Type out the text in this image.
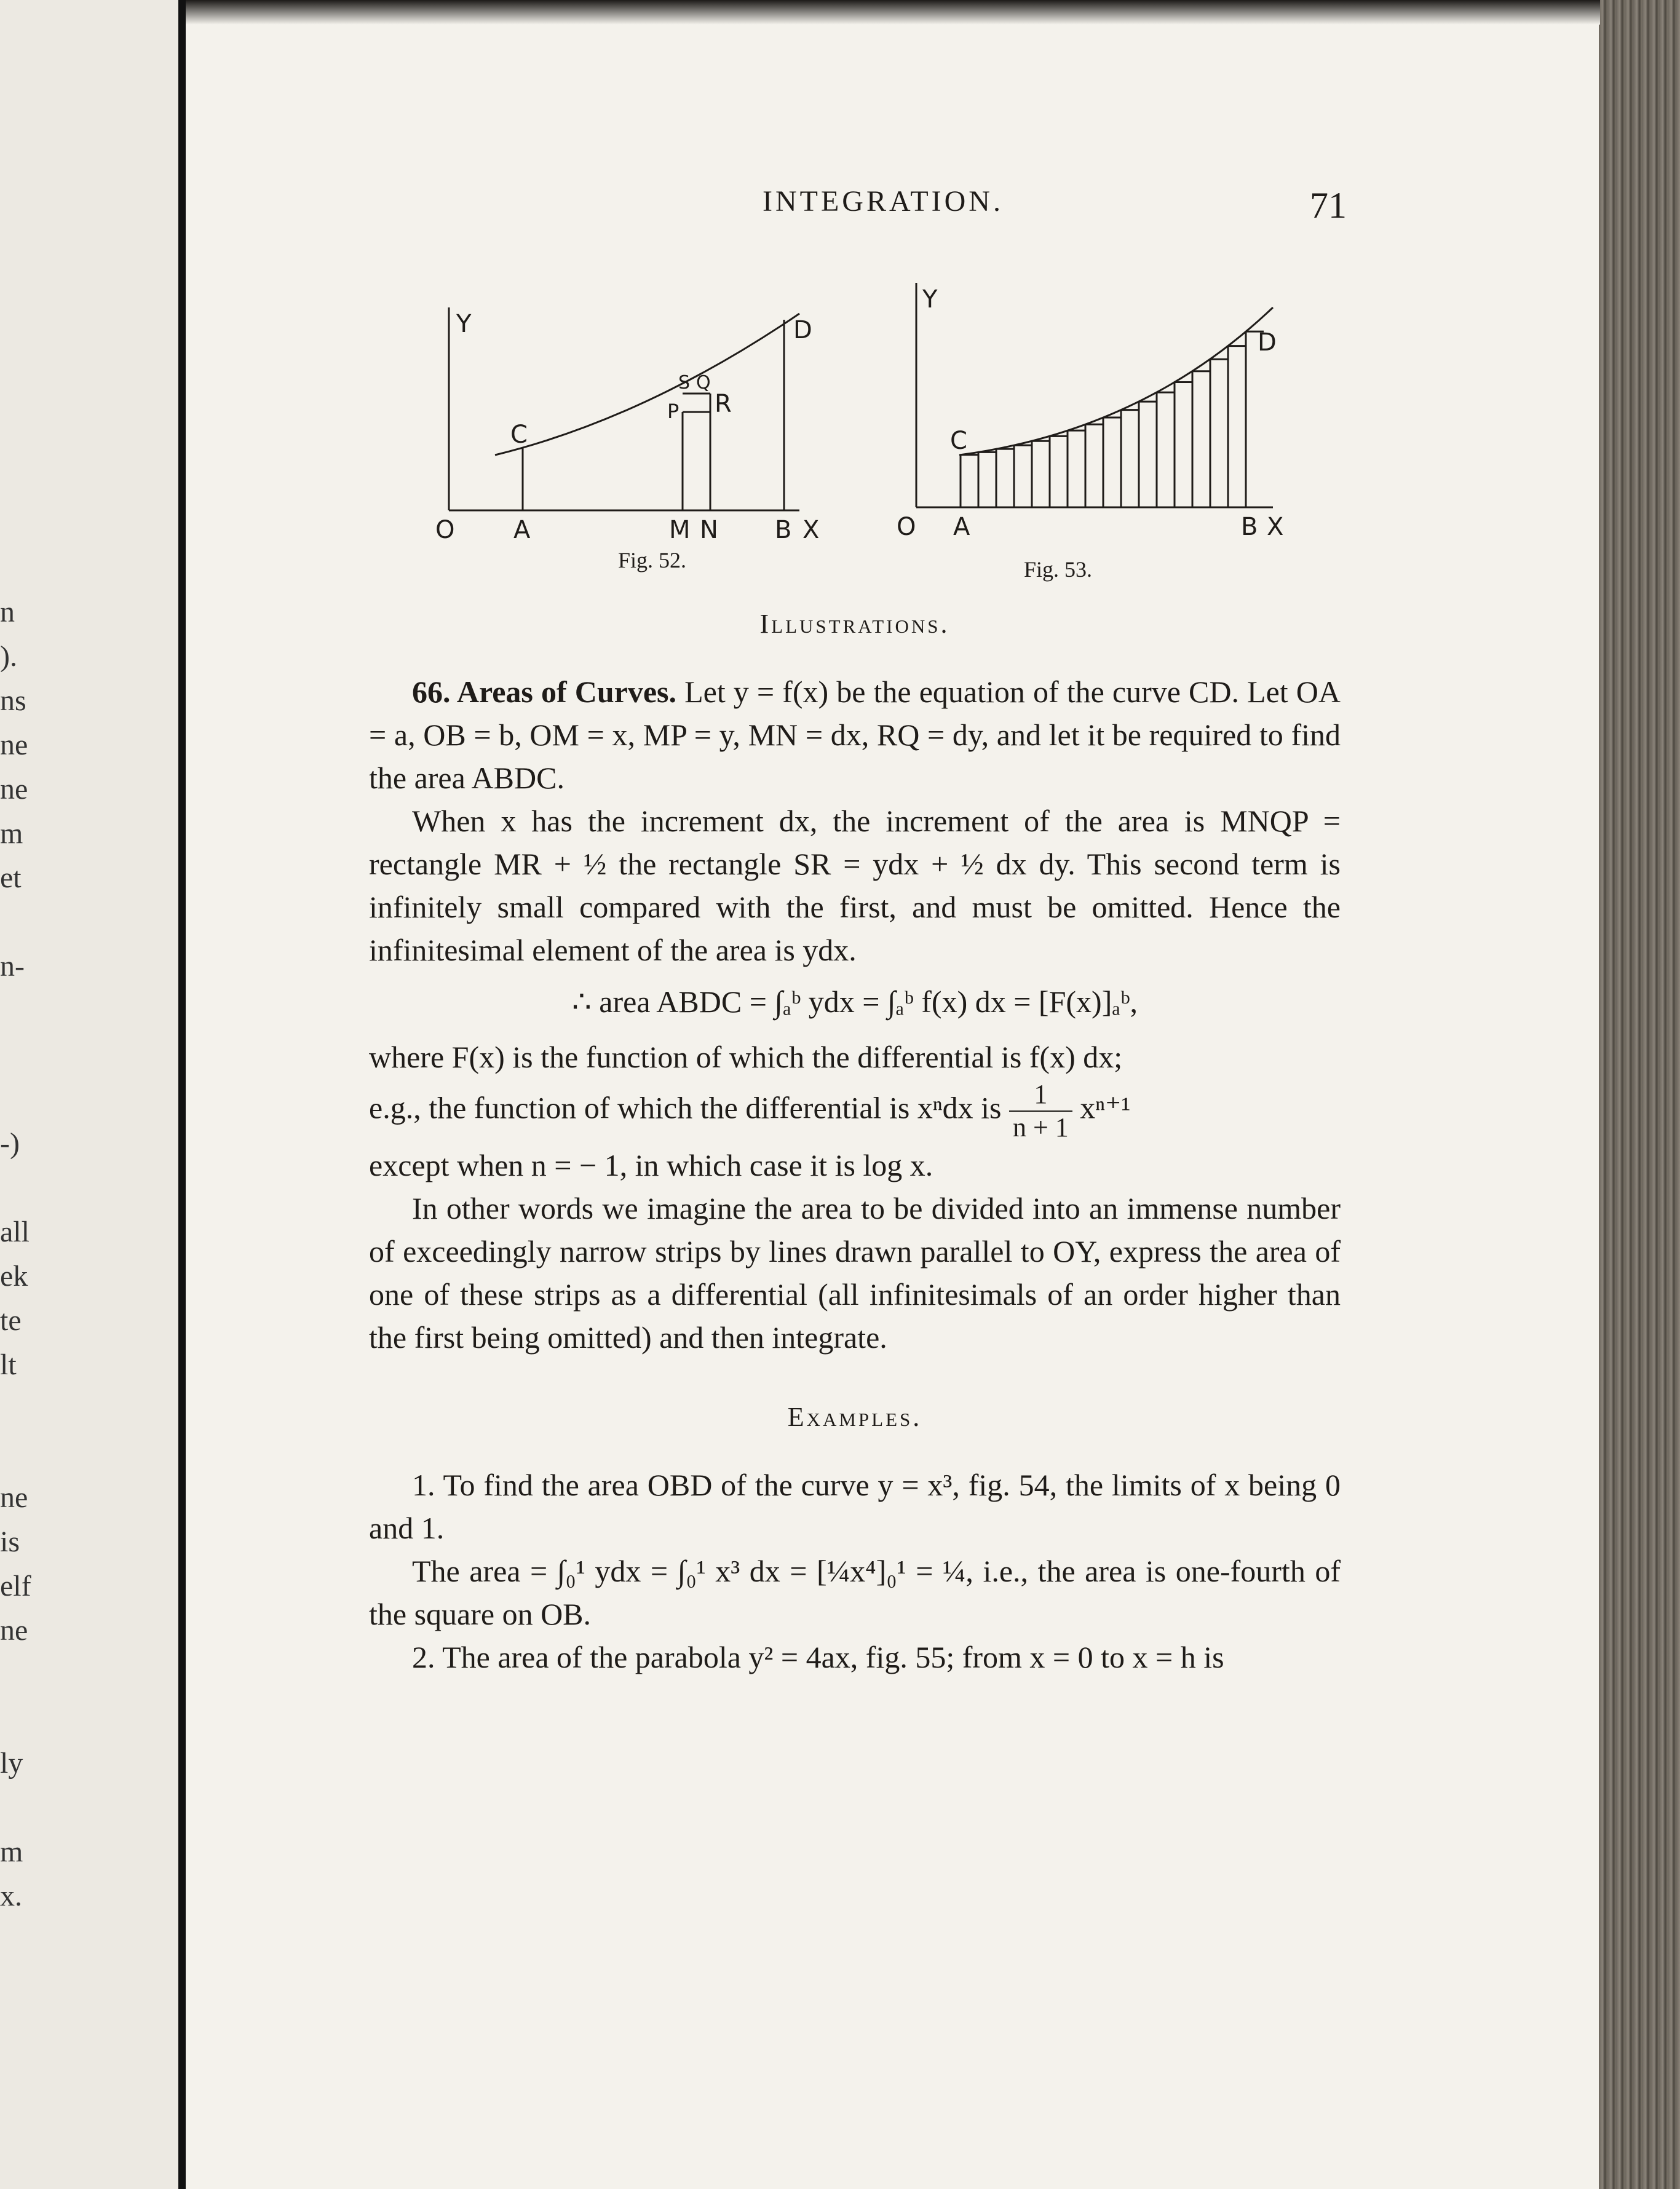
n
).
ns
ne
ne
m
et
n-
-)
all
ek
te
lt
ne
is
elf
ne
ly
m
x.
INTEGRATION.	71
Y
C
S Q
P R
D
O A	M N B X
Fig. 52.
Y
C
D
O A	B X
Fig. 53.
Illustrations.

66. Areas of Curves. Let y = f(x) be the equation of the curve CD. Let OA = a, OB = b, OM = x, MP = y, MN = dx, RQ = dy, and let it be required to find the area ABDC.

When x has the increment dx, the increment of the area is MNQP = rectangle MR + ½ the rectangle SR = ydx + ½ dx dy. This second term is infinitely small compared with the first, and must be omitted. Hence the infinitesimal element of the area is ydx.

∴ area ABDC = ∫ₐᵇ ydx = ∫ₐᵇ f(x) dx = [F(x)]ₐᵇ,

where F(x) is the function of which the differential is f(x) dx;

e.g., the function of which the differential is xⁿdx is $\frac{1}{n + 1} x^{n+1}$

except when n = − 1, in which case it is log x.

In other words we imagine the area to be divided into an immense number of exceedingly narrow strips by lines drawn parallel to OY, express the area of one of these strips as a differential (all infinitesimals of an order higher than the first being omitted) and then integrate.

Examples.

1. To find the area OBD of the curve y = x³, fig. 54, the limits of x being 0 and 1.

The area = ∫₀¹ ydx = ∫₀¹ x³ dx = [¼x⁴]₀¹ = ¼, i.e., the area is one-fourth of the square on OB.

2. The area of the parabola y² = 4ax, fig. 55; from x = 0 to x = h is
